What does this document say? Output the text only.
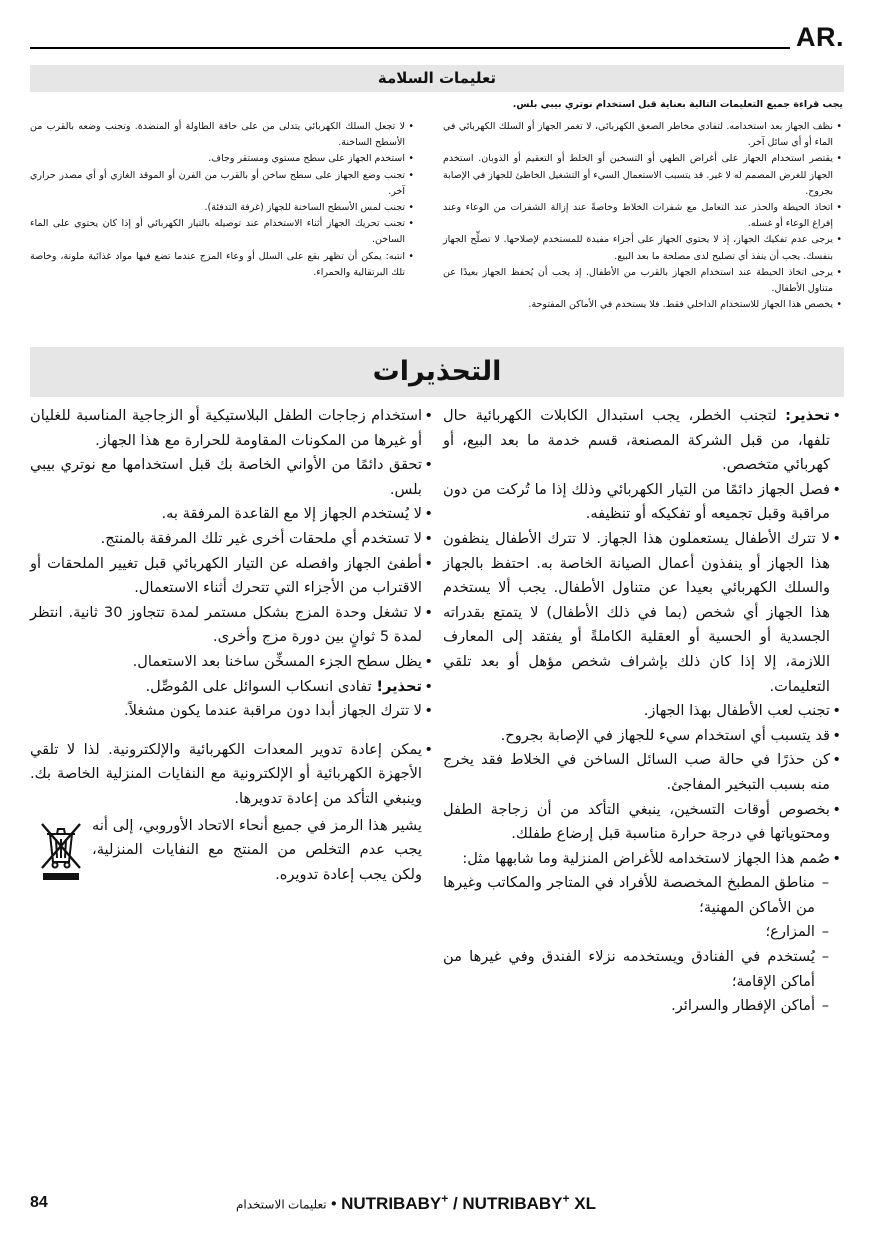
AR.
تعليمات السلامة
يجب قراءة جميع التعليمات التالية بعناية قبل استخدام نوتري بيبي بلس.
• نظف الجهاز بعد استخدامه. لتفادي مخاطر الصعق الكهربائي، لا تغمر الجهاز أو السلك الكهربائي في الماء أو أي سائل آخر.
• يقتصر استخدام الجهاز على أغراض الطهي أو التسخين أو الخلط أو التعقيم أو الذوبان. استخدم الجهاز للغرض المصمم له لا غير. قد يتسبب الاستعمال السيء أو التشغيل الخاطئ للجهاز في الإصابة بجروح.
• اتخاذ الحيطة والحذر عند التعامل مع شفرات الخلاط وخاصةً عند إزالة الشفرات من الوعاء وعند إفراغ الوعاء أو غسله.
• يرجى عدم تفكيك الجهاز، إذ لا يحتوي الجهاز على أجزاء مفيدة للمستخدم لإصلاحها. لا تصلِّح الجهاز بنفسك. يجب أن ينفذ أي تصليح لدى مصلحة ما بعد البيع.
• يرجى اتخاذ الحيطة عند استخدام الجهاز بالقرب من الأطفال. إذ يجب أن يُحفظ الجهاز بعيدًا عن متناول الأطفال.
• يخصص هذا الجهاز للاستخدام الداخلي فقط. فلا يستخدم في الأماكن المفتوحة.
• لا تجعل السلك الكهربائي يتدلى من على حافة الطاولة أو المنضدة. وتجنب وضعه بالقرب من الأسطح الساخنة.
• استخدم الجهاز على سطح مستوي ومستقر وجاف.
• تجنب وضع الجهاز على سطح ساخن أو بالقرب من الفرن أو الموقد الغازي أو أي مصدر حراري آخر.
• تجنب لمس الأسطح الساخنة للجهاز (غرفة التدفئة).
• تجنب تحريك الجهاز أثناء الاستخدام عند توصيله بالتيار الكهربائي أو إذا كان يحتوي على الماء الساخن.
• انتبه: يمكن أن تظهر بقع على السلل أو وعاء المزج عندما تضع فيها مواد غذائية ملونة، وخاصة تلك البرتقالية والحمراء.
التحذيرات
• تحذير: لتجنب الخطر، يجب استبدال الكابلات الكهربائية حال تلفها، من قبل الشركة المصنعة، قسم خدمة ما بعد البيع، أو كهربائي متخصص.
• فصل الجهاز دائمًا من التيار الكهربائي وذلك إذا ما تُركت من دون مراقبة وقبل تجميعه أو تفكيكه أو تنظيفه.
• لا تترك الأطفال يستعملون هذا الجهاز. لا تترك الأطفال ينظفون هذا الجهاز أو ينفذون أعمال الصيانة الخاصة به. احتفظ بالجهاز والسلك الكهربائي بعيدا عن متناول الأطفال. يجب ألا يستخدم هذا الجهاز أي شخص (بما في ذلك الأطفال) لا يتمتع بقدراته الجسدية أو الحسية أو العقلية الكاملةً أو يفتقد إلى المعارف اللازمة، إلا إذا كان ذلك بإشراف شخص مؤهل أو بعد تلقي التعليمات.
• تجنب لعب الأطفال بهذا الجهاز.
• قد يتسبب أي استخدام سيء للجهاز في الإصابة بجروح.
• كن حذرًا في حالة صب السائل الساخن في الخلاط فقد يخرج منه بسبب التبخير المفاجئ.
• بخصوص أوقات التسخين، ينبغي التأكد من أن زجاجة الطفل ومحتوياتها في درجة حرارة مناسبة قبل إرضاع طفلك.
• صُمم هذا الجهاز لاستخدامه للأغراض المنزلية وما شابهها مثل:
– مناطق المطبخ المخصصة للأفراد في المتاجر والمكاتب وغيرها من الأماكن المهنية؛
– المزارع؛
– يُستخدم في الفنادق ويستخدمه نزلاء الفندق وفي غيرها من أماكن الإقامة؛
– أماكن الإفطار والسرائر.
• استخدام زجاجات الطفل البلاستيكية أو الزجاجية المناسبة للغليان أو غيرها من المكونات المقاومة للحرارة مع هذا الجهاز.
• تحقق دائمًا من الأواني الخاصة بك قبل استخدامها مع نوتري بيبي بلس.
• لا يُستخدم الجهاز إلا مع القاعدة المرفقة به.
• لا تستخدم أي ملحقات أخرى غير تلك المرفقة بالمنتج.
• أطفئ الجهاز وافصله عن التيار الكهربائي قبل تغيير الملحقات أو الاقتراب من الأجزاء التي تتحرك أثناء الاستعمال.
• لا تشغل وحدة المزج بشكل مستمر لمدة تتجاوز 30 ثانية. انتظر لمدة 5 ثوانٍ بين دورة مزج وأخرى.
• يظل سطح الجزء المسخِّن ساخنا بعد الاستعمال.
• تحذير! تفادى انسكاب السوائل على المُوصِّل.
• لا تترك الجهاز أبدا دون مراقبة عندما يكون مشغلاً.
• يمكن إعادة تدوير المعدات الكهربائية والإلكترونية. لذا لا تلقي الأجهزة الكهربائية أو الإلكترونية مع النفايات المنزلية الخاصة بك. وينبغي التأكد من إعادة تدويرها.
يشير هذا الرمز في جميع أنحاء الاتحاد الأوروبي، إلى أنه يجب عدم التخلص من المنتج مع النفايات المنزلية، ولكن يجب إعادة تدويره.
84	تعليمات الاستخدام • NUTRIBABY+ / NUTRIBABY+ XL
